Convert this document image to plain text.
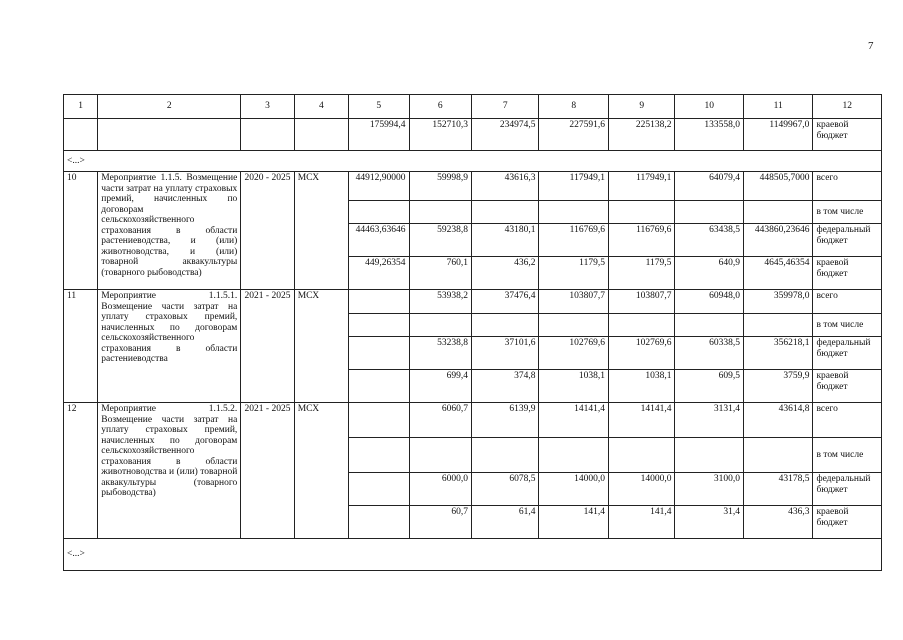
7
1	2	3	4	5	6	7	8	9	10	11	12
				175994,4	152710,3	234974,5	227591,6	225138,2	133558,0	1149967,0	краевой бюджет
<...>											
10	Мероприятие 1.1.5. Возмещение части затрат на уплату страховых премий, начисленных по договорам сельскохозяйственного страхования в области растениеводства, и (или) животноводства, и (или) товарной аквакультуры (товарного рыбоводства)	2020 - 2025	МСХ	44912,90000	59998,9	43616,3	117949,1	117949,1	64079,4	448505,7000	всего
											в том числе
				44463,63646	59238,8	43180,1	116769,6	116769,6	63438,5	443860,23646	федеральный бюджет
				449,26354	760,1	436,2	1179,5	1179,5	640,9	4645,46354	краевой бюджет
11	Мероприятие 1.1.5.1. Возмещение части затрат на уплату страховых премий, начисленных по договорам сельскохозяйственного страхования в области растениеводства	2021 - 2025	МСХ		53938,2	37476,4	103807,7	103807,7	60948,0	359978,0	всего
											в том числе
					53238,8	37101,6	102769,6	102769,6	60338,5	356218,1	федеральный бюджет
					699,4	374,8	1038,1	1038,1	609,5	3759,9	краевой бюджет
12	Мероприятие 1.1.5.2. Возмещение части затрат на уплату страховых премий, начисленных по договорам сельскохозяйственного страхования в области животноводства и (или) товарной аквакультуры (товарного рыбоводства)	2021 - 2025	МСХ		6060,7	6139,9	14141,4	14141,4	3131,4	43614,8	всего
											в том числе
					6000,0	6078,5	14000,0	14000,0	3100,0	43178,5	федеральный бюджет
					60,7	61,4	141,4	141,4	31,4	436,3	краевой бюджет
<...>											
